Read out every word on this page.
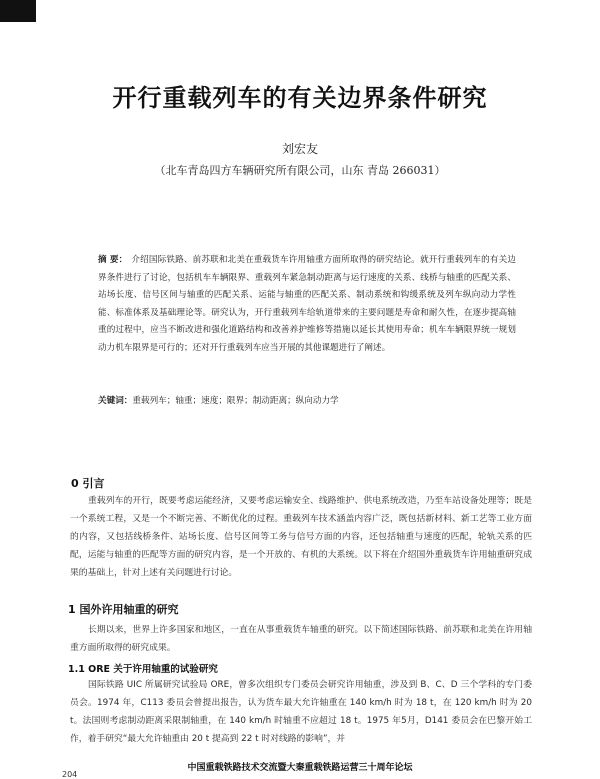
开行重载列车的有关边界条件研究
刘宏友
（北车青岛四方车辆研究所有限公司，山东 青岛 266031）
摘 要： 介绍国际铁路、前苏联和北美在重载货车许用轴重方面所取得的研究结论。就开行重载列车的有关边界条件进行了讨论，包括机车车辆限界、重载列车紧急制动距离与运行速度的关系、线桥与轴重的匹配关系、站场长度、信号区间与轴重的匹配关系、运能与轴重的匹配关系、制动系统和钩缓系统及列车纵向动力学性能、标准体系及基础理论等。研究认为，开行重载列车给轨道带来的主要问题是寿命和耐久性，在逐步提高轴重的过程中，应当不断改进和强化道路结构和改善养护维修等措施以延长其使用寿命；机车车辆限界统一规划动力机车限界是可行的；还对开行重载列车应当开展的其他课题进行了阐述。
关键词：重载列车；轴重；速度；限界；制动距离；纵向动力学
0 引言
重载列车的开行，既要考虑运能经济，又要考虑运输安全、线路维护、供电系统改造，乃至车站设备处理等；既是一个系统工程，又是一个不断完善、不断优化的过程。重载列车技术涵盖内容广泛，既包括新材料、新工艺等工业方面的内容，又包括线桥条件、站场长度、信号区间等工务与信号方面的内容，还包括轴重与速度的匹配，轮轨关系的匹配，运能与轴重的匹配等方面的研究内容，是一个开放的、有机的大系统。以下将在介绍国外重载货车许用轴重研究成果的基础上，针对上述有关问题进行讨论。
1 国外许用轴重的研究
长期以来，世界上许多国家和地区，一直在从事重载货车轴重的研究。以下简述国际铁路、前苏联和北美在许用轴重方面所取得的研究成果。
1.1 ORE 关于许用轴重的试验研究
国际铁路 UIC 所属研究试验局 ORE，曾多次组织专门委员会研究许用轴重，涉及到 B、C、D 三个学科的专门委员会。1974 年，C113 委员会曾提出报告，认为货车最大允许轴重在 140 km/h 时为 18 t，在 120 km/h 时为 20 t。法国则考虑制动距离采限制轴重，在 140 km/h 时轴重不应超过 18 t。1975 年5月，D141 委员会在巴黎开始工作，着手研究“最大允许轴重由 20 t 提高到 22 t 时对线路的影响”，并
中国重载铁路技术交流暨大秦重载铁路运营三十周年论坛
204
